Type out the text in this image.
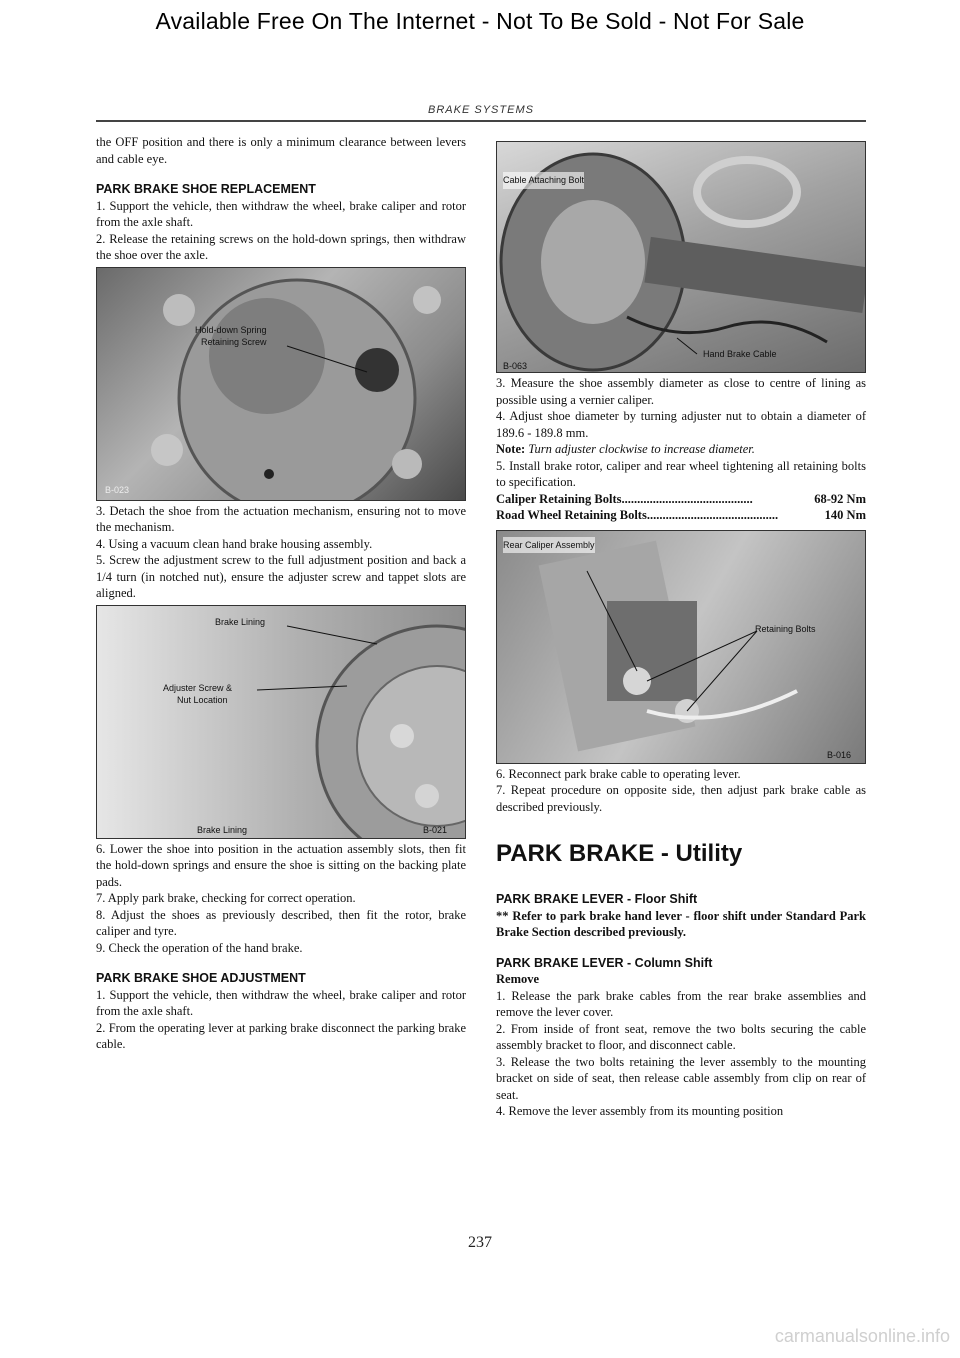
Available Free On The Internet - Not To Be Sold - Not For Sale
BRAKE SYSTEMS

the OFF position and there is only a minimum clearance between levers and cable eye.

PARK BRAKE SHOE REPLACEMENT

1. Support the vehicle, then withdraw the wheel, brake caliper and rotor from the axle shaft.

2. Release the retaining screws on the hold-down springs, then withdraw the shoe over the axle.

Hold-down Spring
Retaining Screw
B-023

3. Detach the shoe from the actuation mechanism, ensuring not to move the mechanism.

4. Using a vacuum clean hand brake housing assembly.

5. Screw the adjustment screw to the full adjustment position and back a 1/4 turn (in notched nut), ensure the adjuster screw and tappet slots are aligned.

Brake Lining
Adjuster Screw &
Nut Location
Brake Lining	B-021

6. Lower the shoe into position in the actuation assembly slots, then fit the hold-down springs and ensure the shoe is sitting on the backing plate pads.

7. Apply park brake, checking for correct operation.

8. Adjust the shoes as previously described, then fit the rotor, brake caliper and tyre.

9. Check the operation of the hand brake.

PARK BRAKE SHOE ADJUSTMENT

1. Support the vehicle, then withdraw the wheel, brake caliper and rotor from the axle shaft.

2. From the operating lever at parking brake disconnect the parking brake cable.

Cable Attaching Bolt
Hand Brake Cable
B-063

3. Measure the shoe assembly diameter as close to centre of lining as possible using a vernier caliper.

4. Adjust shoe diameter by turning adjuster nut to obtain a diameter of 189.6 - 189.8 mm.

Note: Turn adjuster clockwise to increase diameter.

5. Install brake rotor, caliper and rear wheel tightening all retaining bolts to specification.

Caliper Retaining Bolts ..........................................	68-92 Nm

Road Wheel Retaining Bolts ..........................................	140 Nm

Rear Caliper Assembly
Retaining Bolts
B-016

6. Reconnect park brake cable to operating lever.

7. Repeat procedure on opposite side, then adjust park brake cable as described previously.

PARK BRAKE - Utility

PARK BRAKE LEVER - Floor Shift

** Refer to park brake hand lever - floor shift under Standard Park Brake Section described previously.

PARK BRAKE LEVER - Column Shift

Remove

1. Release the park brake cables from the rear brake assemblies and remove the lever cover.

2. From inside of front seat, remove the two bolts securing the cable assembly bracket to floor, and disconnect cable.

3. Release the two bolts retaining the lever assembly to the mounting bracket on side of seat, then release cable assembly from clip on rear of seat.

4. Remove the lever assembly from its mounting position

237
carmanualsonline.info
